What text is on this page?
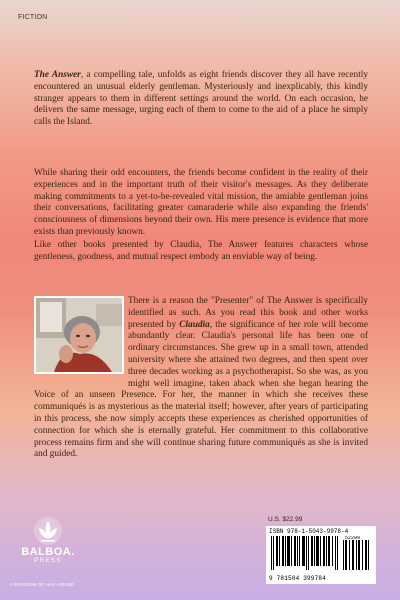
FICTION

The Answer, a compelling tale, unfolds as eight friends discover they all have recently encountered an unusual elderly gentleman. Mysteriously and inexplicably, this kindly stranger appears to them in different settings around the world. On each occasion, he delivers the same message, urging each of them to come to the aid of a place he simply calls the Island.

While sharing their odd encounters, the friends become confident in the reality of their experiences and in the important truth of their visitor's messages. As they deliberate making commitments to a yet-to-be-revealed vital mission, the amiable gentleman joins their conversations, facilitating greater camaraderie while also expanding the friends' consciousness of dimensions beyond their own. His mere presence is evidence that more exists than previously known.

Like other books presented by Claudia, The Answer features characters whose gentleness, goodness, and mutual respect embody an enviable way of being.

There is a reason the "Presenter" of The Answer is specifically identified as such. As you read this book and other works presented by Claudia, the significance of her role will become abundantly clear. Claudia's personal life has been one of ordinary circumstances. She grew up in a small town, attended university where she attained two degrees, and then spent over three decades working as a psychotherapist. So she was, as you might well imagine, taken aback when she began hearing the Voice of an unseen Presence. For her, the manner in which she receives these communiqués is as mysterious as the material itself; however, after years of participating in this process, she now simply accepts these experiences as cherished opportunities of connection for which she is eternally grateful. Her commitment to this collaborative process remains firm and she will continue sharing future communiqués as she is invited and guided.

BALBOA.
PRESS
A DIVISION OF HAY HOUSE
U.S. $22.99
ISBN 978-1-5043-9978-4
52299
9 781504 399784
